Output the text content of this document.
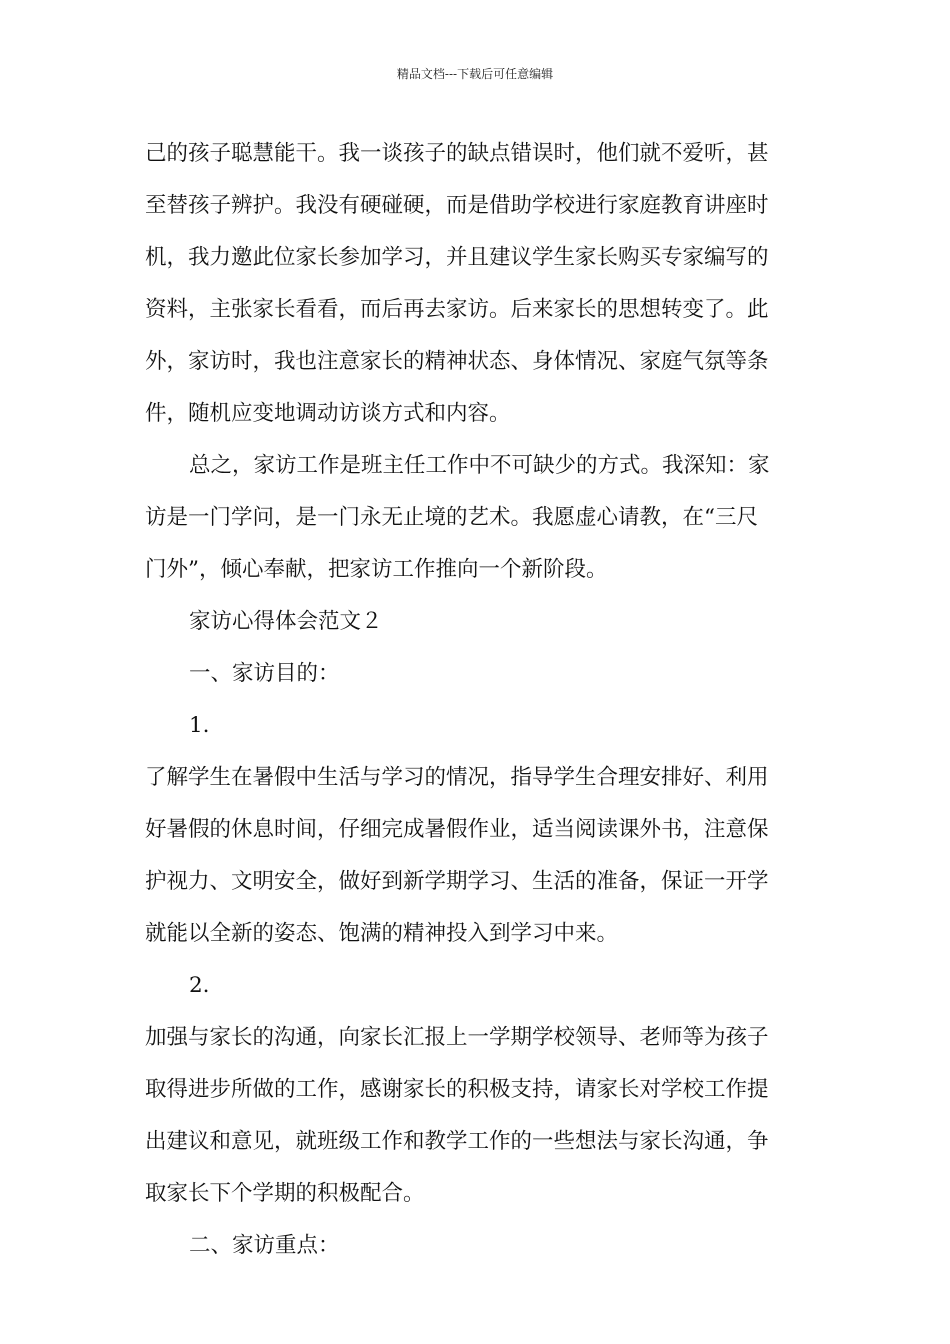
精品文档---下载后可任意编辑
己的孩子聪慧能干。我一谈孩子的缺点错误时，他们就不爱听，甚
至替孩子辨护。我没有硬碰硬，而是借助学校进行家庭教育讲座时
机，我力邀此位家长参加学习，并且建议学生家长购买专家编写的
资料，主张家长看看，而后再去家访。后来家长的思想转变了。此
外，家访时，我也注意家长的精神状态、身体情况、家庭气氛等条
件，随机应变地调动访谈方式和内容。
总之，家访工作是班主任工作中不可缺少的方式。我深知：家
访是一门学问，是一门永无止境的艺术。我愿虚心请教，在“三尺
门外”，倾心奉献，把家访工作推向一个新阶段。
家访心得体会范文２
一、家访目的：
1.
了解学生在暑假中生活与学习的情况，指导学生合理安排好、利用
好暑假的休息时间，仔细完成暑假作业，适当阅读课外书，注意保
护视力、文明安全，做好到新学期学习、生活的准备，保证一开学
就能以全新的姿态、饱满的精神投入到学习中来。
2.
加强与家长的沟通，向家长汇报上一学期学校领导、老师等为孩子
取得进步所做的工作，感谢家长的积极支持，请家长对学校工作提
出建议和意见，就班级工作和教学工作的一些想法与家长沟通，争
取家长下个学期的积极配合。
二、家访重点：
